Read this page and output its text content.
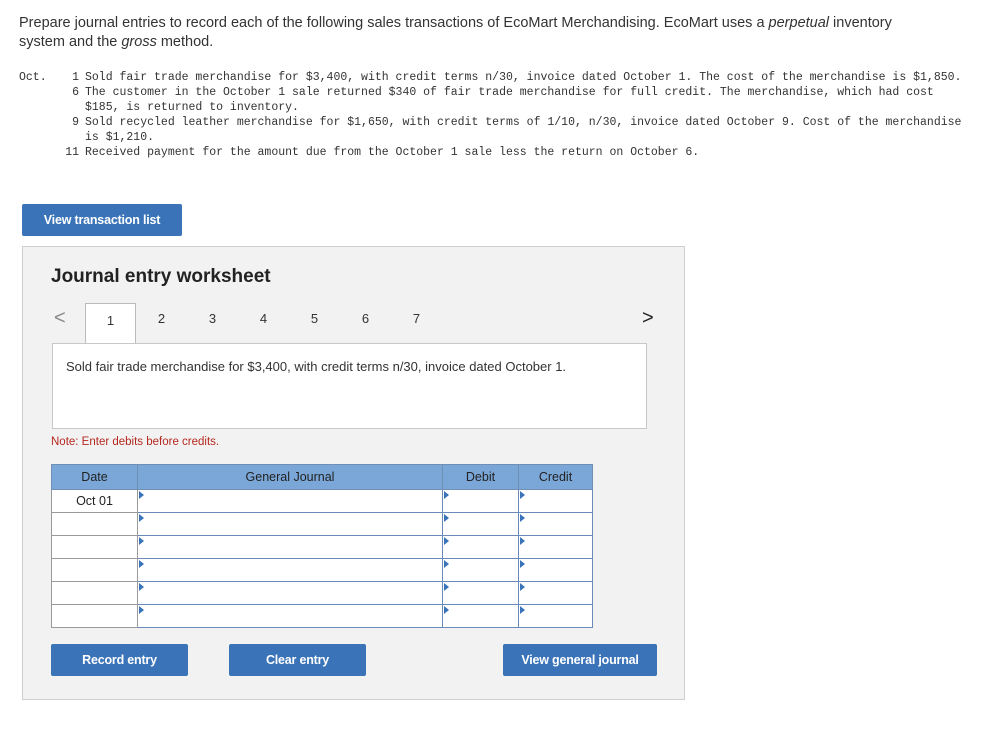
Prepare journal entries to record each of the following sales transactions of EcoMart Merchandising. EcoMart uses a perpetual inventory system and the gross method.
Oct.	1 Sold fair trade merchandise for $3,400, with credit terms n/30, invoice dated October 1. The cost of the merchandise is $1,850.
6 The customer in the October 1 sale returned $340 of fair trade merchandise for full credit. The merchandise, which had cost $185, is returned to inventory.
9 Sold recycled leather merchandise for $1,650, with credit terms of 1/10, n/30, invoice dated October 9. Cost of the merchandise is $1,210.
11 Received payment for the amount due from the October 1 sale less the return on October 6.
View transaction list
Journal entry worksheet
<	>
1	2	3	4	5	6	7
Sold fair trade merchandise for $3,400, with credit terms n/30, invoice dated October 1.
Note: Enter debits before credits.
Date	General Journal	Debit	Credit
Oct 01	

Record entry	Clear entry	View general journal
